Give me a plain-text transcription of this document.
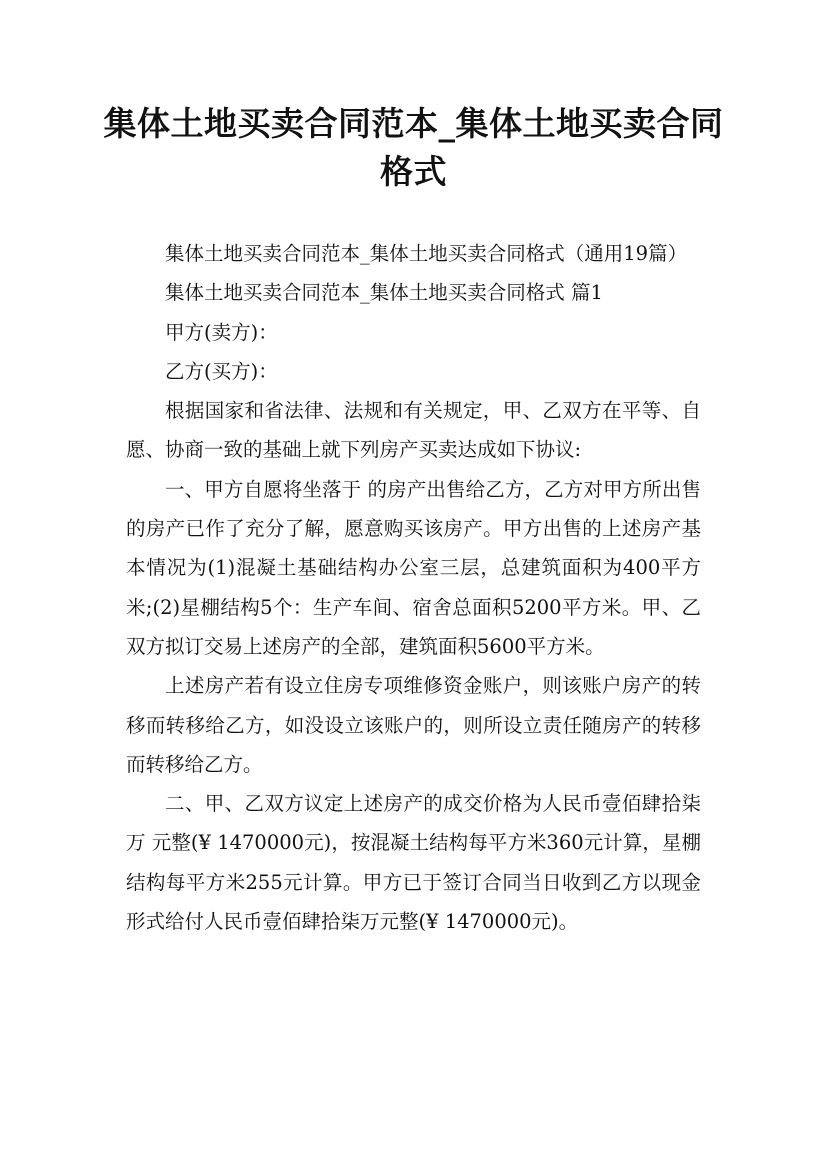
集体土地买卖合同范本_集体土地买卖合同格式

集体土地买卖合同范本_集体土地买卖合同格式（通用19篇）

集体土地买卖合同范本_集体土地买卖合同格式 篇1

甲方(卖方)：

乙方(买方)：

根据国家和省法律、法规和有关规定，甲、乙双方在平等、自愿、协商一致的基础上就下列房产买卖达成如下协议:

一、甲方自愿将坐落于 的房产出售给乙方，乙方对甲方所出售的房产已作了充分了解，愿意购买该房产。甲方出售的上述房产基本情况为(1)混凝土基础结构办公室三层，总建筑面积为400平方米;(2)星棚结构5个：生产车间、宿舍总面积5200平方米。甲、乙双方拟订交易上述房产的全部，建筑面积5600平方米。

上述房产若有设立住房专项维修资金账户，则该账户房产的转移而转移给乙方，如没设立该账户的，则所设立责任随房产的转移而转移给乙方。

二、甲、乙双方议定上述房产的成交价格为人民币壹佰肆拾柒万 元整(¥ 1470000元)，按混凝土结构每平方米360元计算，星棚结构每平方米255元计算。甲方已于签订合同当日收到乙方以现金形式给付人民币壹佰肆拾柒万元整(¥ 1470000元)。
